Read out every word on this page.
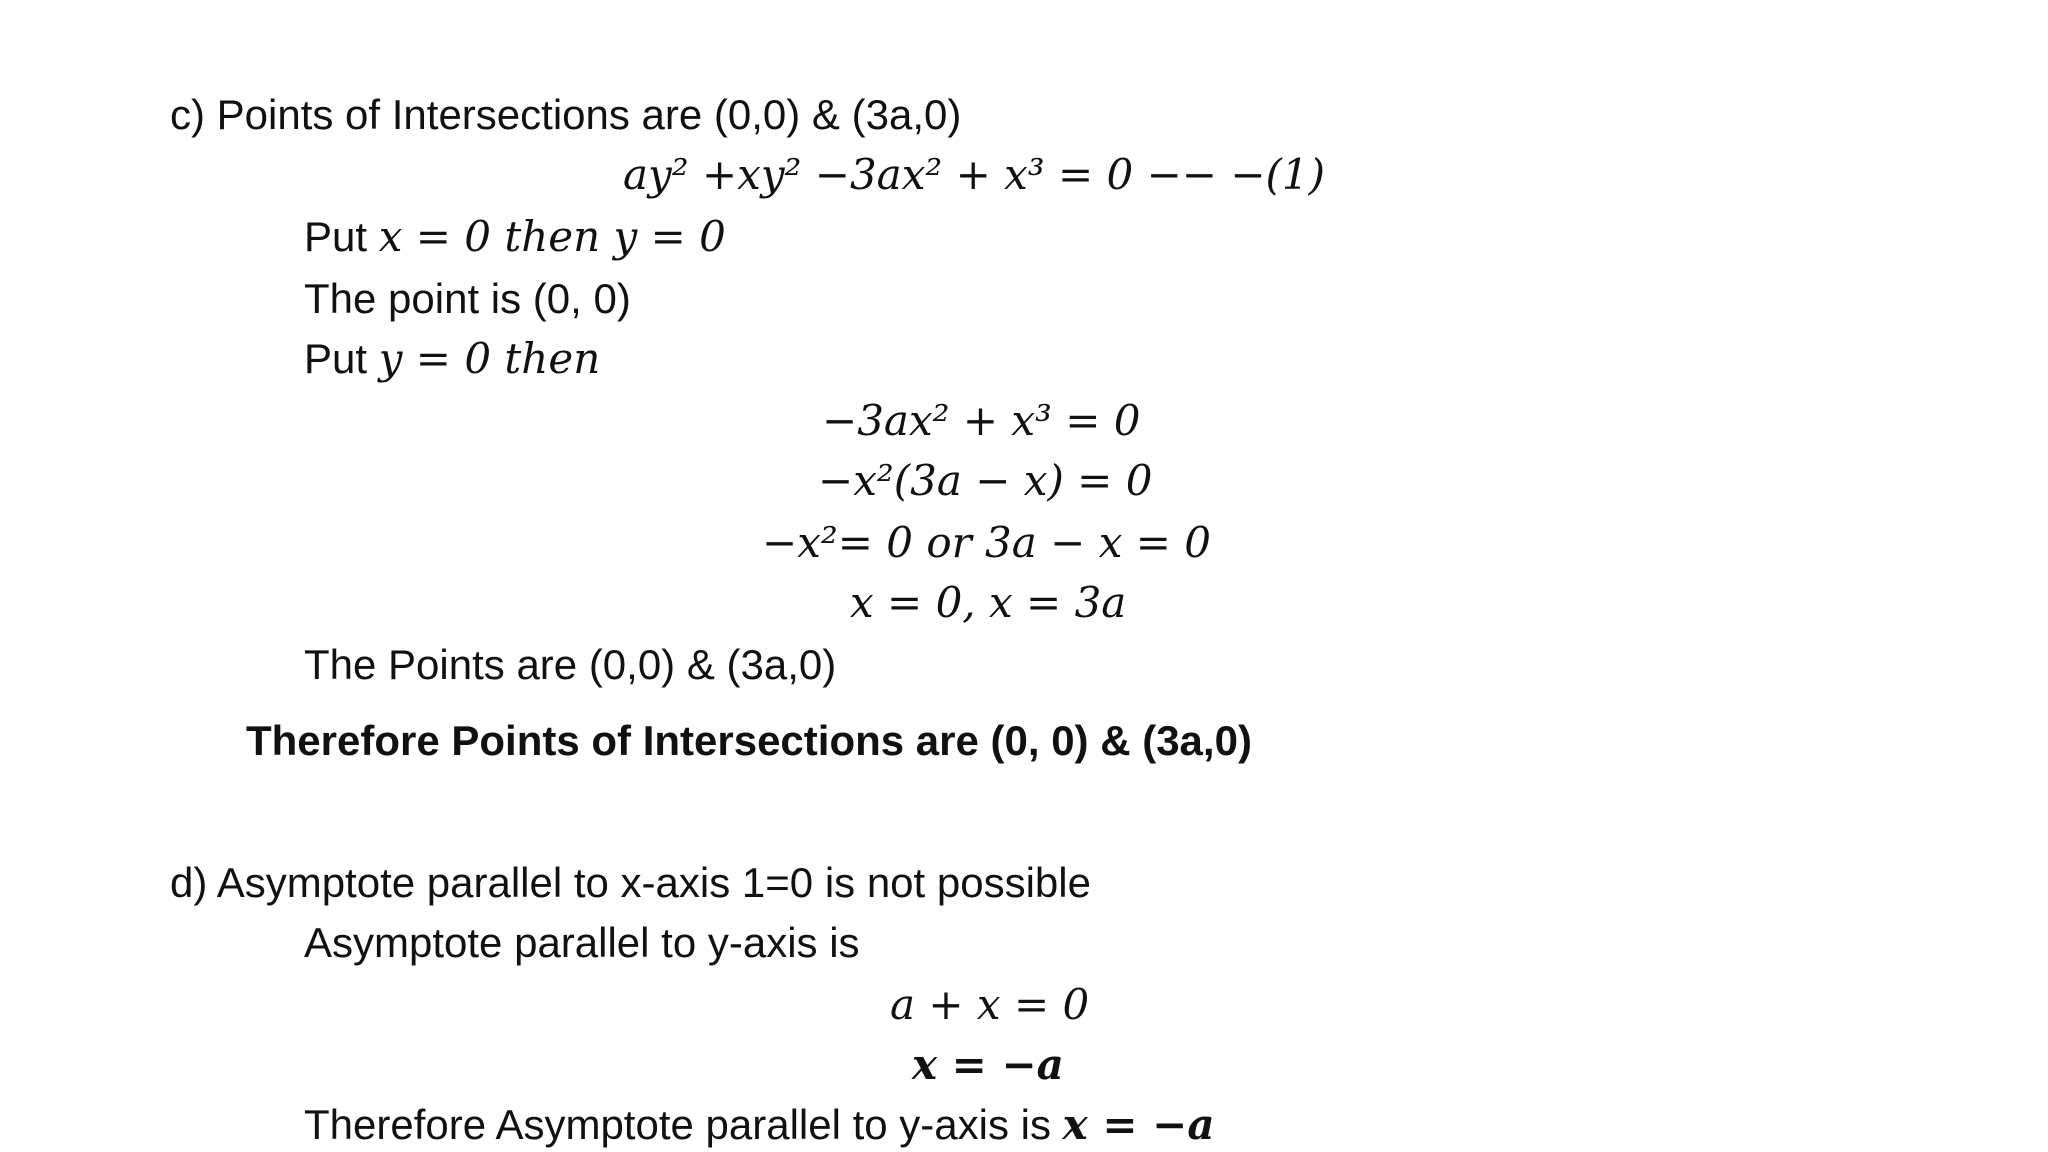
c) Points of Intersections are (0,0) & (3a,0)
ay² +xy² −3ax² + x³ = 0 −− −(1)
Put x = 0 then y = 0
The point is (0, 0)
Put y = 0 then
−3ax² + x³ = 0
−x²(3a − x) = 0
−x²= 0 or 3a − x = 0
x = 0, x = 3a
The Points are (0,0) & (3a,0)
Therefore Points of Intersections are (0, 0) & (3a,0)
d) Asymptote parallel to x-axis 1=0 is not possible
Asymptote parallel to y-axis is
a + x = 0
x = −a
Therefore Asymptote parallel to y-axis is x = −a
